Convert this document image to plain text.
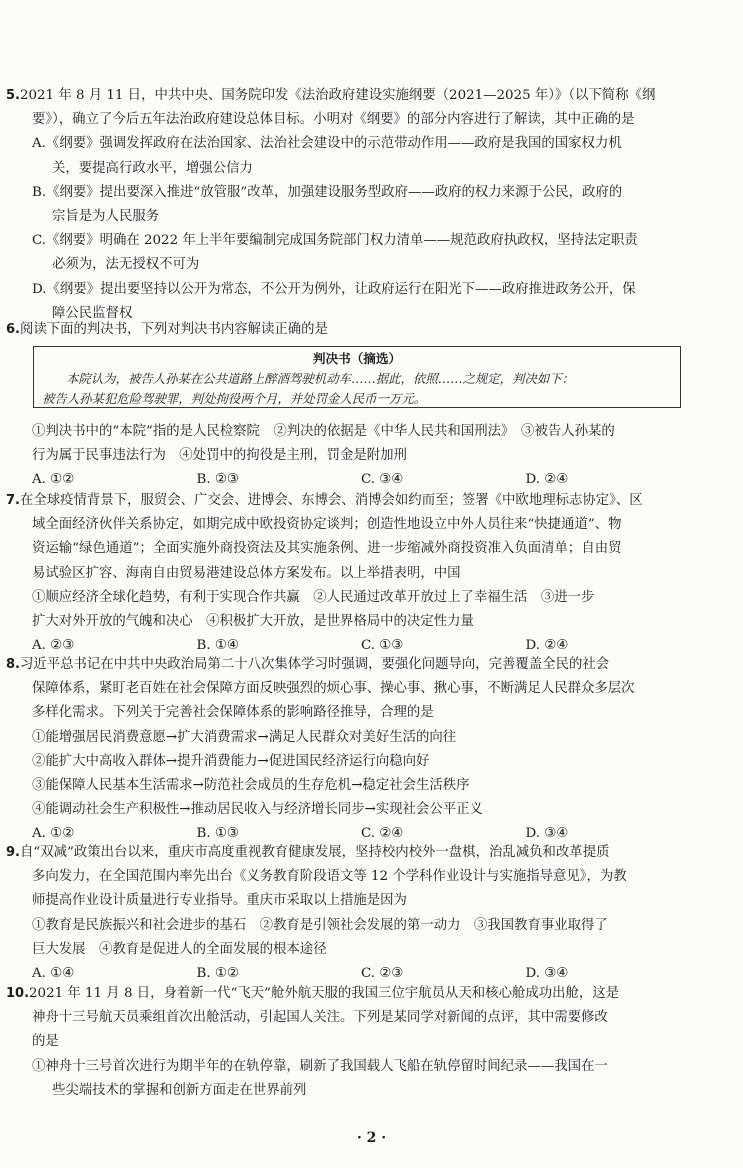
5.2021 年 8 月 11 日，中共中央、国务院印发《法治政府建设实施纲要（2021—2025 年）》（以下简称《纲
要》），确立了今后五年法治政府建设总体目标。小明对《纲要》的部分内容进行了解读，其中正确的是
A.《纲要》强调发挥政府在法治国家、法治社会建设中的示范带动作用——政府是我国的国家权力机
关，要提高行政水平，增强公信力
B.《纲要》提出要深入推进“放管服”改革，加强建设服务型政府——政府的权力来源于公民，政府的
宗旨是为人民服务
C.《纲要》明确在 2022 年上半年要编制完成国务院部门权力清单——规范政府执政权，坚持法定职责
必须为，法无授权不可为
D.《纲要》提出要坚持以公开为常态，不公开为例外，让政府运行在阳光下——政府推进政务公开，保
障公民监督权
6.阅读下面的判决书，下列对判决书内容解读正确的是
判决书（摘选）
本院认为，被告人孙某在公共道路上醉酒驾驶机动车……据此，依照……之规定，判决如下：
被告人孙某犯危险驾驶罪，判处拘役两个月，并处罚金人民币一万元。
①判决书中的“本院”指的是人民检察院　②判决的依据是《中华人民共和国刑法》　③被告人孙某的
行为属于民事违法行为　④处罚中的拘役是主刑，罚金是附加刑
A. ①②	B. ②③	C. ③④	D. ②④
7.在全球疫情背景下，服贸会、广交会、进博会、东博会、消博会如约而至；签署《中欧地理标志协定》、区
域全面经济伙伴关系协定，如期完成中欧投资协定谈判；创造性地设立中外人员往来“快捷通道”、物
资运输“绿色通道”；全面实施外商投资法及其实施条例、进一步缩减外商投资准入负面清单；自由贸
易试验区扩容、海南自由贸易港建设总体方案发布。以上举措表明，中国
①顺应经济全球化趋势，有利于实现合作共赢　②人民通过改革开放过上了幸福生活　③进一步
扩大对外开放的气魄和决心　④积极扩大开放，是世界格局中的决定性力量
A. ②③	B. ①④	C. ①③	D. ②④
8.习近平总书记在中共中央政治局第二十八次集体学习时强调，要强化问题导向，完善覆盖全民的社会
保障体系，紧盯老百姓在社会保障方面反映强烈的烦心事、操心事、揪心事，不断满足人民群众多层次
多样化需求。下列关于完善社会保障体系的影响路径推导，合理的是
①能增强居民消费意愿→扩大消费需求→满足人民群众对美好生活的向往
②能扩大中高收入群体→提升消费能力→促进国民经济运行向稳向好
③能保障人民基本生活需求→防范社会成员的生存危机→稳定社会生活秩序
④能调动社会生产积极性→推动居民收入与经济增长同步→实现社会公平正义
A. ①②	B. ①③	C. ②④	D. ③④
9.自“双减”政策出台以来，重庆市高度重视教育健康发展，坚持校内校外一盘棋，治乱减负和改革提质
多向发力，在全国范围内率先出台《义务教育阶段语文等 12 个学科作业设计与实施指导意见》，为教
师提高作业设计质量进行专业指导。重庆市采取以上措施是因为
①教育是民族振兴和社会进步的基石　②教育是引领社会发展的第一动力　③我国教育事业取得了
巨大发展　④教育是促进人的全面发展的根本途径
A. ①④	B. ①②	C. ②③	D. ③④
10.2021 年 11 月 8 日，身着新一代“飞天”舱外航天服的我国三位宇航员从天和核心舱成功出舱，这是
神舟十三号航天员乘组首次出舱活动，引起国人关注。下列是某同学对新闻的点评，其中需要修改
的是
①神舟十三号首次进行为期半年的在轨停靠，刷新了我国载人飞船在轨停留时间纪录——我国在一
些尖端技术的掌握和创新方面走在世界前列
· 2 ·
